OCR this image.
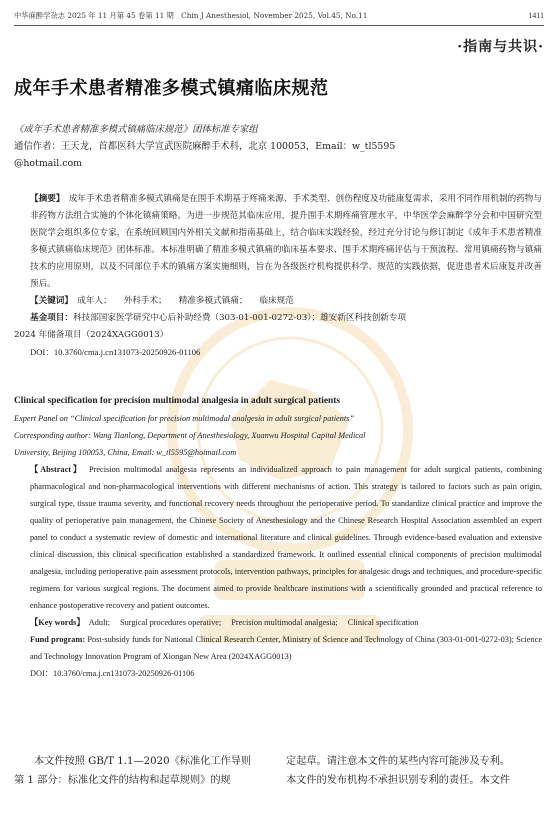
中华麻醉学杂志 2025 年 11 月第 45 卷第 11 期　Chin J Anesthesiol, November 2025, Vol.45, No.11	1411
·指南与共识·
成年手术患者精准多模式镇痛临床规范
《成年手术患者精准多模式镇痛临床规范》团体标准专家组
通信作者：王天龙，首都医科大学宣武医院麻醉手术科，北京 100053，Email：w_tl5595
@hotmail.com

【摘要】　 成年手术患者精准多模式镇痛是在围手术期基于疼痛来源、手术类型、创伤程度及功能康复需求，采用不同作用机制的药物与非药物方法组合实施的个体化镇痛策略。为进一步规范其临床应用，提升围手术期疼痛管理水平，中华医学会麻醉学分会和中国研究型医院学会组织多位专家，在系统回顾国内外相关文献和指南基础上，结合临床实践经验，经过充分讨论与修订制定《成年手术患者精准多模式镇痛临床规范》团体标准。本标准明确了精准多模式镇痛的临床基本要求、围手术期疼痛评估与干预流程、常用镇痛药物与镇痛技术的应用原则，以及不同部位手术的镇痛方案实施细则，旨在为各级医疗机构提供科学、规范的实践依据，促进患者术后康复并改善预后。

【关键词】　 成年人； 外科手术； 精准多模式镇痛； 临床规范

基金项目：科技部国家医学研究中心后补助经费（303-01-001-0272-03）；雄安新区科技创新专项

2024 年储备项目（2024XAGG0013）

DOI：10.3760/cma.j.cn131073-20250926-01106

Clinical specification for precision multimodal analgesia in adult surgical patients

Expert Panel on “Clinical specification for precision multimodal analgesia in adult surgical patients”

Corresponding author: Wang Tianlong, Department of Anesthesiology, Xuanwu Hospital Capital Medical

University, Beijing 100053, China, Email: w_tl5595@hotmail.com

【Abstract】　 Precision multimodal analgesia represents an individualized approach to pain management for adult surgical patients, combining pharmacological and non-pharmacological interventions with different mechanisms of action. This strategy is tailored to factors such as pain origin, surgical type, tissue trauma severity, and functional recovery needs throughout the perioperative period. To standardize clinical practice and improve the quality of perioperative pain management, the Chinese Society of Anesthesiology and the Chinese Research Hospital Association assembled an expert panel to conduct a systematic review of domestic and international literature and clinical guidelines. Through evidence-based evaluation and extensive clinical discussion, this clinical specification established a standardized framework. It outlined essential clinical components of precision multimodal analgesia, including perioperative pain assessment protocols, intervention pathways, principles for analgesic drugs and techniques, and procedure-specific regimens for various surgical regions. The document aimed to provide healthcare institutions with a scientifically grounded and practical reference to enhance postoperative recovery and patient outcomes.

【Key words】　 Adult; Surgical procedures operative; Precision multimodal analgesia; Clinical specification

Fund program: Post-subsidy funds for National Clinical Research Center, Ministry of Science and Technology of China (303-01-001-0272-03); Science and Technology Innovation Program of Xiongan New Area (2024XAGG0013)

DOI：10.3760/cma.j.cn131073-20250926-01106

本文件按照 GB/T 1.1—2020《标准化工作导则

第 1 部分：标准化文件的结构和起草规则》的规

定起草。请注意本文件的某些内容可能涉及专利。

本文件的发布机构不承担识别专利的责任。本文件
